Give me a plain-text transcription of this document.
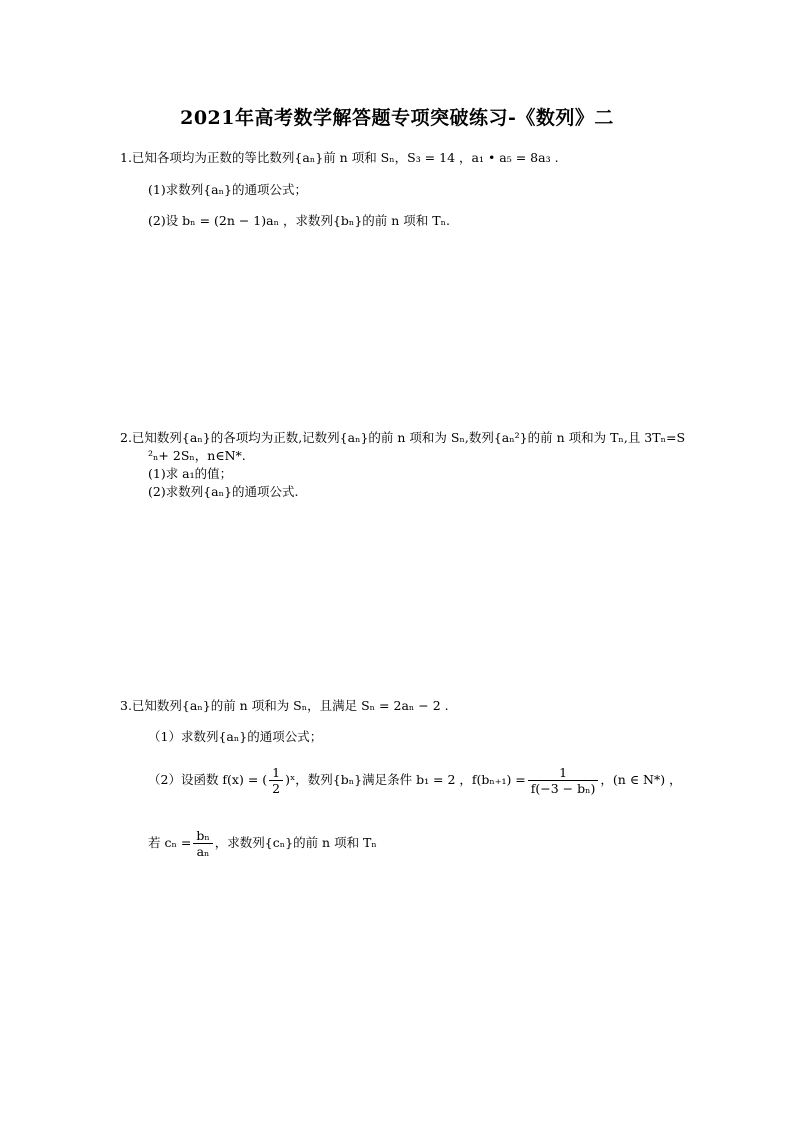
2021年高考数学解答题专项突破练习-《数列》二
1.已知各项均为正数的等比数列{aₙ}前 n 项和 Sₙ，S₃ = 14 ，a₁ • a₅ = 8a₃ .
(1)求数列{aₙ}的通项公式；
(2)设 bₙ = (2n − 1)aₙ ，求数列{bₙ}的前 n 项和 Tₙ.
2.已知数列{aₙ}的各项均为正数,记数列{aₙ}的前 n 项和为 Sₙ,数列{aₙ²}的前 n 项和为 Tₙ,且 3Tₙ=S
²ₙ+ 2Sₙ，n∈N*.
(1)求 a₁的值；
(2)求数列{aₙ}的通项公式.
3.已知数列{aₙ}的前 n 项和为 Sₙ，且满足 Sₙ = 2aₙ − 2 .
（1）求数列{aₙ}的通项公式；
（2）设函数 f(x) = ( $\frac{1}{2}$ )ˣ，数列{bₙ}满足条件 b₁ = 2 ，$f(b_{n+1}) = \frac{1}{\text{f(−3 − bₙ)}}$ ，(n ∈ N*) ，
若 $c_n = \frac{\text{bₙ}}{\text{aₙ}}$ ，求数列{cₙ}的前 n 项和 Tₙ
